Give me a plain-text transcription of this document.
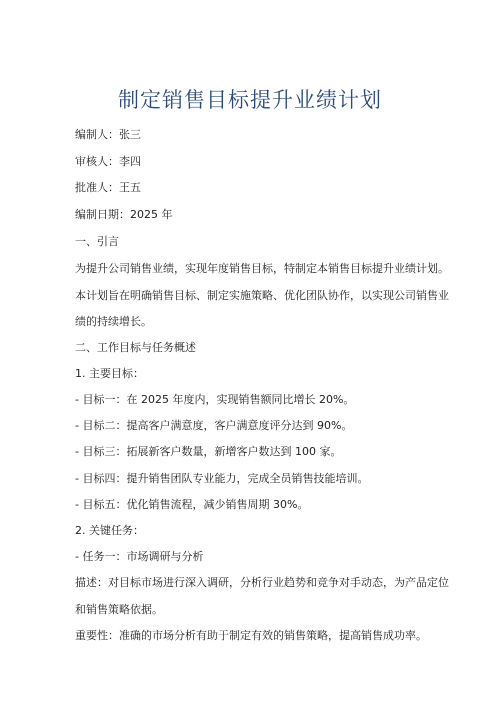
制定销售目标提升业绩计划
编制人：张三
审核人：李四
批准人：王五
编制日期：2025 年
一、引言
为提升公司销售业绩，实现年度销售目标，特制定本销售目标提升业绩计划。
本计划旨在明确销售目标、制定实施策略、优化团队协作，以实现公司销售业
绩的持续增长。
二、工作目标与任务概述
1. 主要目标：
- 目标一：在 2025 年度内，实现销售额同比增长 20%。
- 目标二：提高客户满意度，客户满意度评分达到 90%。
- 目标三：拓展新客户数量，新增客户数达到 100 家。
- 目标四：提升销售团队专业能力，完成全员销售技能培训。
- 目标五：优化销售流程，减少销售周期 30%。
2. 关键任务：
- 任务一：市场调研与分析
描述：对目标市场进行深入调研，分析行业趋势和竞争对手动态，为产品定位
和销售策略依据。
重要性：准确的市场分析有助于制定有效的销售策略，提高销售成功率。
